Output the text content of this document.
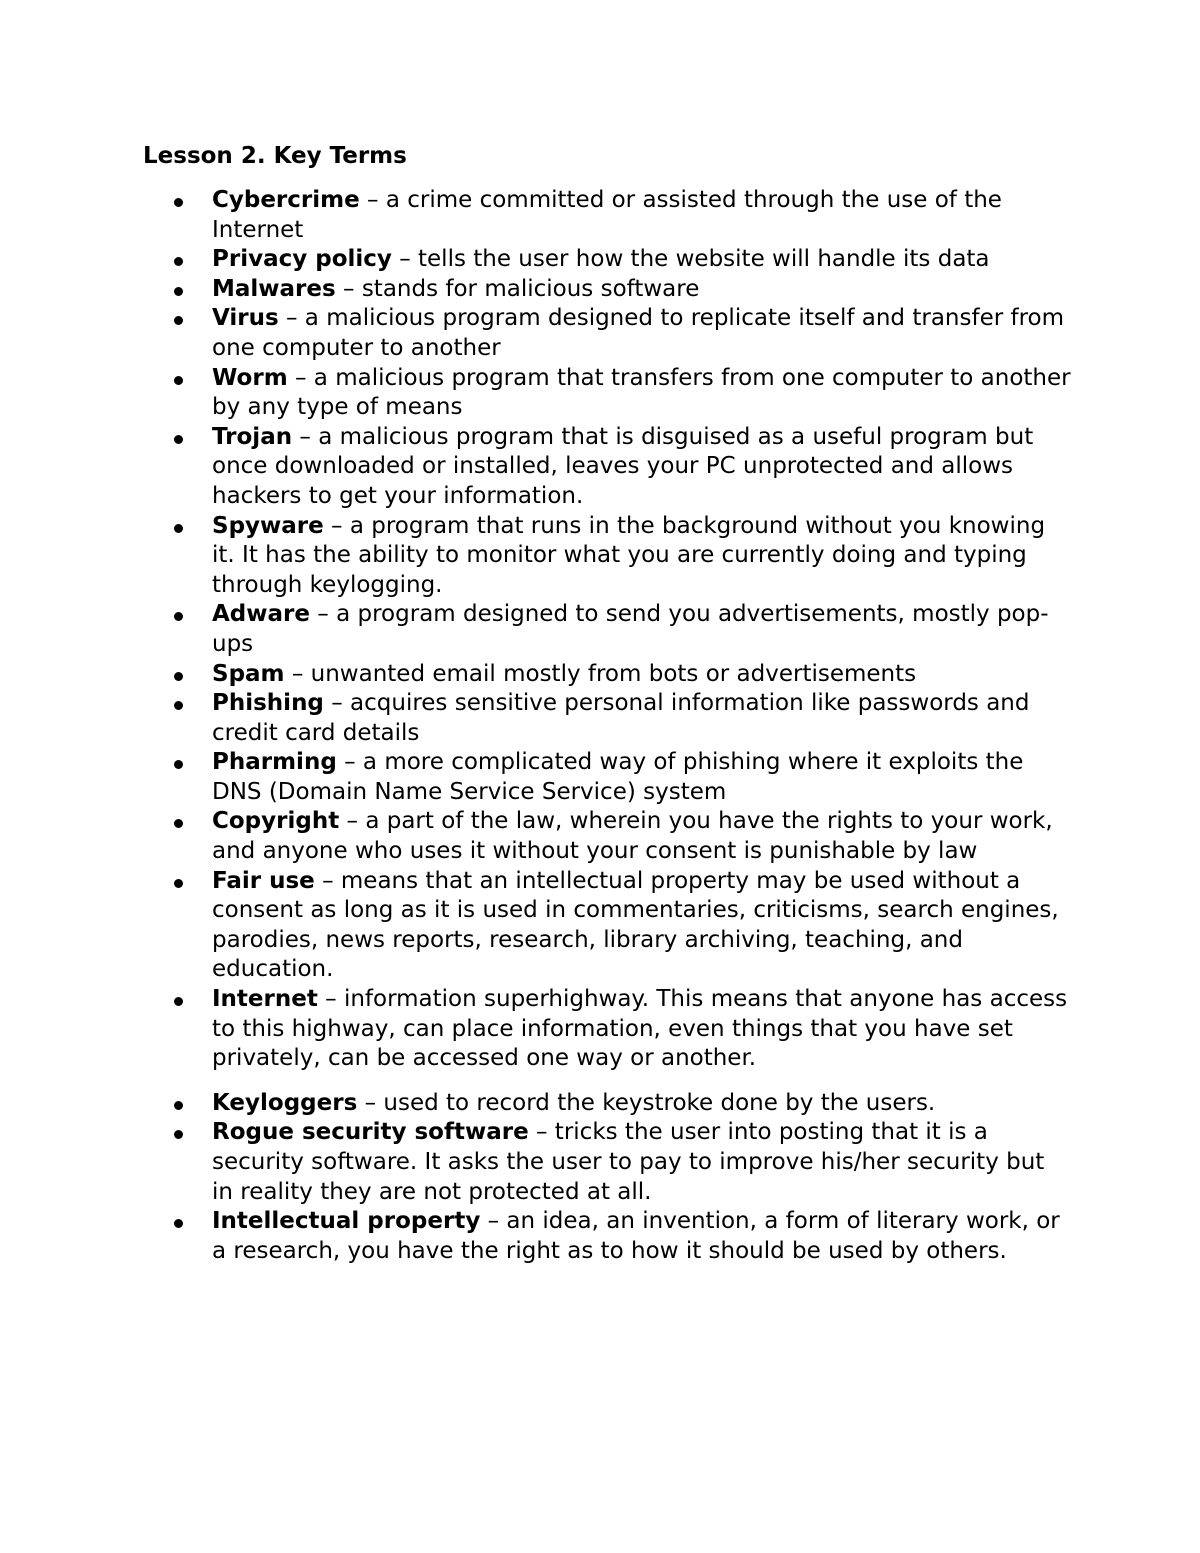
Lesson 2. Key Terms
Cybercrime – a crime committed or assisted through the use of the Internet
Privacy policy – tells the user how the website will handle its data
Malwares – stands for malicious software
Virus – a malicious program designed to replicate itself and transfer from one computer to another
Worm – a malicious program that transfers from one computer to another by any type of means
Trojan – a malicious program that is disguised as a useful program but once downloaded or installed, leaves your PC unprotected and allows hackers to get your information.
Spyware – a program that runs in the background without you knowing it. It has the ability to monitor what you are currently doing and typing through keylogging.
Adware – a program designed to send you advertisements, mostly pop-ups
Spam – unwanted email mostly from bots or advertisements
Phishing – acquires sensitive personal information like passwords and credit card details
Pharming – a more complicated way of phishing where it exploits the DNS (Domain Name Service Service) system
Copyright – a part of the law, wherein you have the rights to your work, and anyone who uses it without your consent is punishable by law
Fair use – means that an intellectual property may be used without a consent as long as it is used in commentaries, criticisms, search engines, parodies, news reports, research, library archiving, teaching, and education.
Internet – information superhighway. This means that anyone has access to this highway, can place information, even things that you have set privately, can be accessed one way or another.
Keyloggers – used to record the keystroke done by the users.
Rogue security software – tricks the user into posting that it is a security software. It asks the user to pay to improve his/her security but in reality they are not protected at all.
Intellectual property – an idea, an invention, a form of literary work, or a research, you have the right as to how it should be used by others.
